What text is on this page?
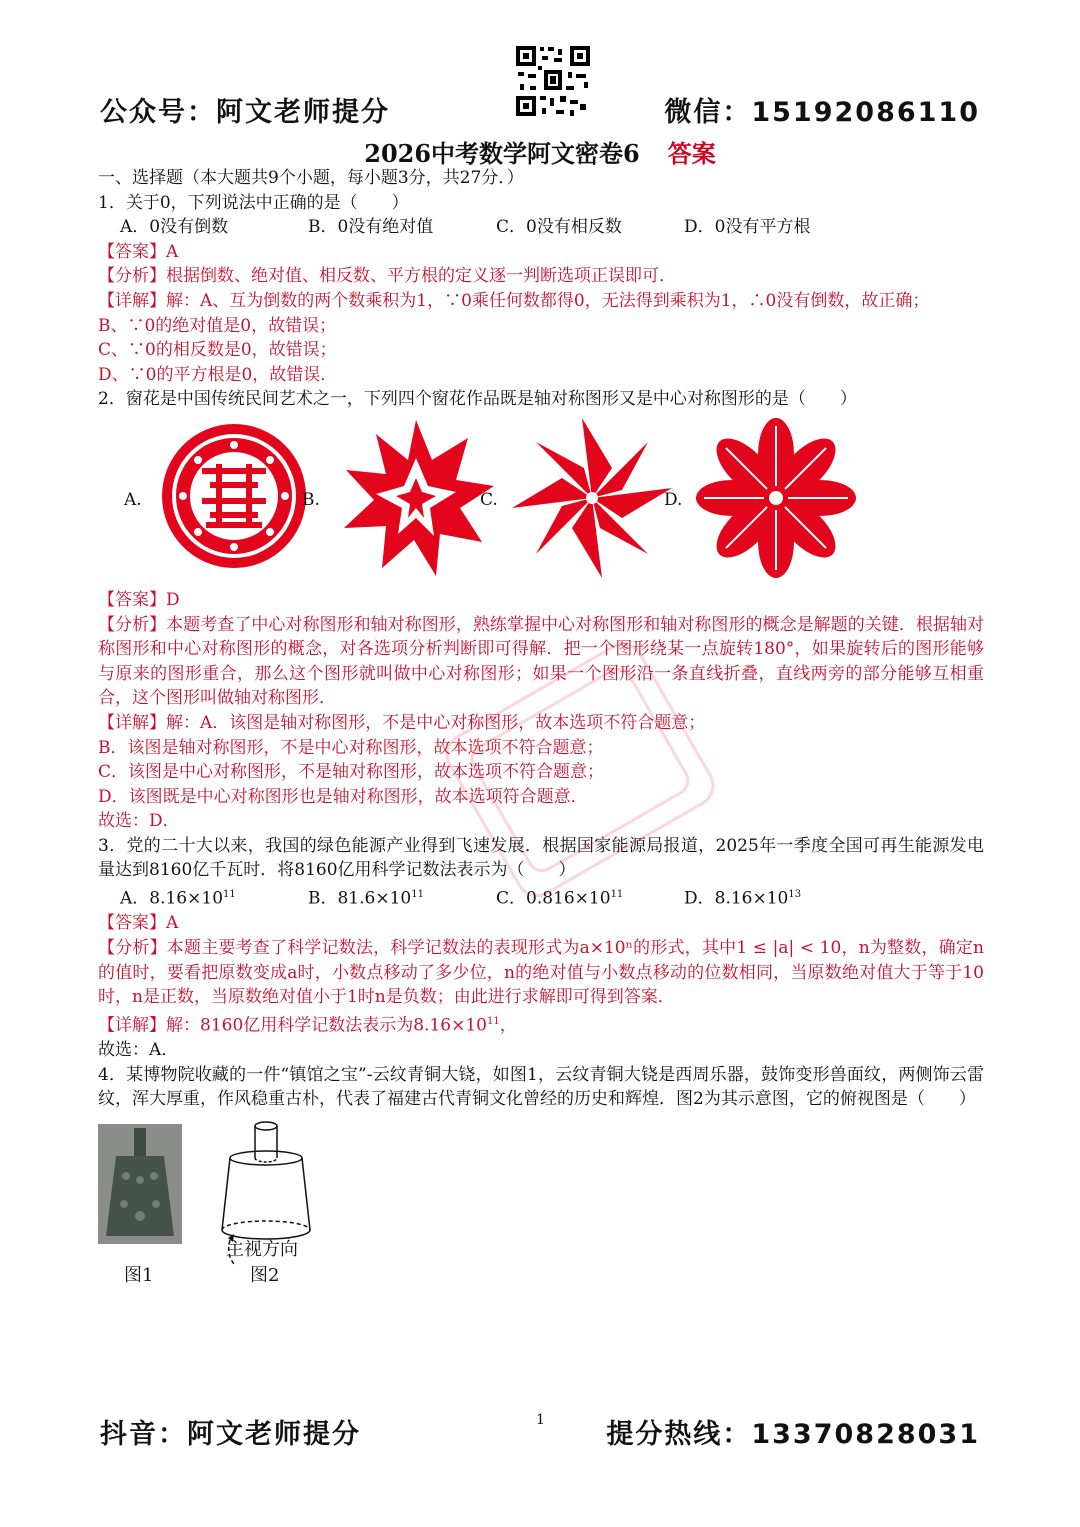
公众号：阿文老师提分	微信：15192086110
2026中考数学阿文密卷6 答案
一、选择题（本大题共9个小题，每小题3分，共27分．）
1．关于0，下列说法中正确的是（　　）
A．0没有倒数	B．0没有绝对值	C．0没有相反数	D．0没有平方根
【答案】A
【分析】根据倒数、绝对值、相反数、平方根的定义逐一判断选项正误即可．
【详解】解：A、互为倒数的两个数乘积为1，∵0乘任何数都得0，无法得到乘积为1，∴0没有倒数，故正确；
B、∵0的绝对值是0，故错误；
C、∵0的相反数是0，故错误；
D、∵0的平方根是0，故错误．
2．窗花是中国传统民间艺术之一，下列四个窗花作品既是轴对称图形又是中心对称图形的是（　　）
A.	B.	C.	D.
【答案】D
【分析】本题考查了中心对称图形和轴对称图形，熟练掌握中心对称图形和轴对称图形的概念是解题的关键．根据轴对称图形和中心对称图形的概念，对各选项分析判断即可得解．把一个图形绕某一点旋转180°，如果旋转后的图形能够与原来的图形重合，那么这个图形就叫做中心对称图形；如果一个图形沿一条直线折叠，直线两旁的部分能够互相重合，这个图形叫做轴对称图形．
【详解】解：A．该图是轴对称图形，不是中心对称图形，故本选项不符合题意；
B．该图是轴对称图形，不是中心对称图形，故本选项不符合题意；
C．该图是中心对称图形，不是轴对称图形，故本选项不符合题意；
D．该图既是中心对称图形也是轴对称图形，故本选项符合题意．
故选：D．
3．党的二十大以来，我国的绿色能源产业得到飞速发展．根据国家能源局报道，2025年一季度全国可再生能源发电量达到8160亿千瓦时．将8160亿用科学记数法表示为（　　）
A．$8.16\times 10^{11}$	B．$81.6\times 10^{11}$	C．$0.816\times 10^{11}$	D．$8.16\times 10^{13}$
【答案】A
【分析】本题主要考查了科学记数法，科学记数法的表现形式为a×10ⁿ的形式，其中1 ≤ |a| < 10，n为整数，确定n的值时，要看把原数变成a时，小数点移动了多少位，n的绝对值与小数点移动的位数相同，当原数绝对值大于等于10时，n是正数，当原数绝对值小于1时n是负数；由此进行求解即可得到答案．
【详解】解：8160亿用科学记数法表示为$8.16\times 10^{11}$，
故选：A．
4．某博物院收藏的一件“镇馆之宝”-云纹青铜大铙，如图1，云纹青铜大铙是西周乐器，鼓饰变形兽面纹，两侧饰云雷纹，浑大厚重，作风稳重古朴，代表了福建古代青铜文化曾经的历史和辉煌．图2为其示意图，它的俯视图是（　　）
主视方向
图1	图2
抖音：阿文老师提分	1 提分热线：13370828031
